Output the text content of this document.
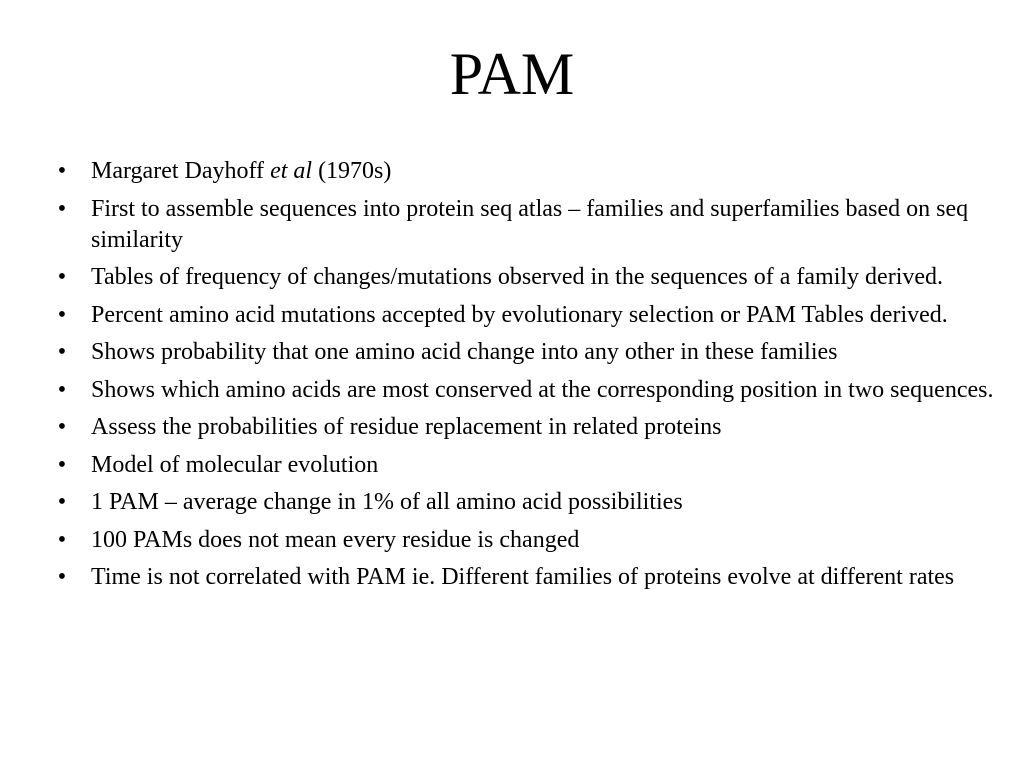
PAM
• Margaret Dayhoff et al (1970s)
• First to assemble sequences into protein seq atlas – families and superfamilies based on seq similarity
• Tables of frequency of changes/mutations observed in the sequences of a family derived.
• Percent amino acid mutations accepted by evolutionary selection or PAM Tables derived.
• Shows probability that one amino acid change into any other in these families
• Shows which amino acids are most conserved at the corresponding position in two sequences.
• Assess the probabilities of residue replacement in related proteins
• Model of molecular evolution
• 1 PAM – average change in 1% of all amino acid possibilities
• 100 PAMs does not mean every residue is changed
• Time is not correlated with PAM ie. Different families of proteins evolve at different rates
